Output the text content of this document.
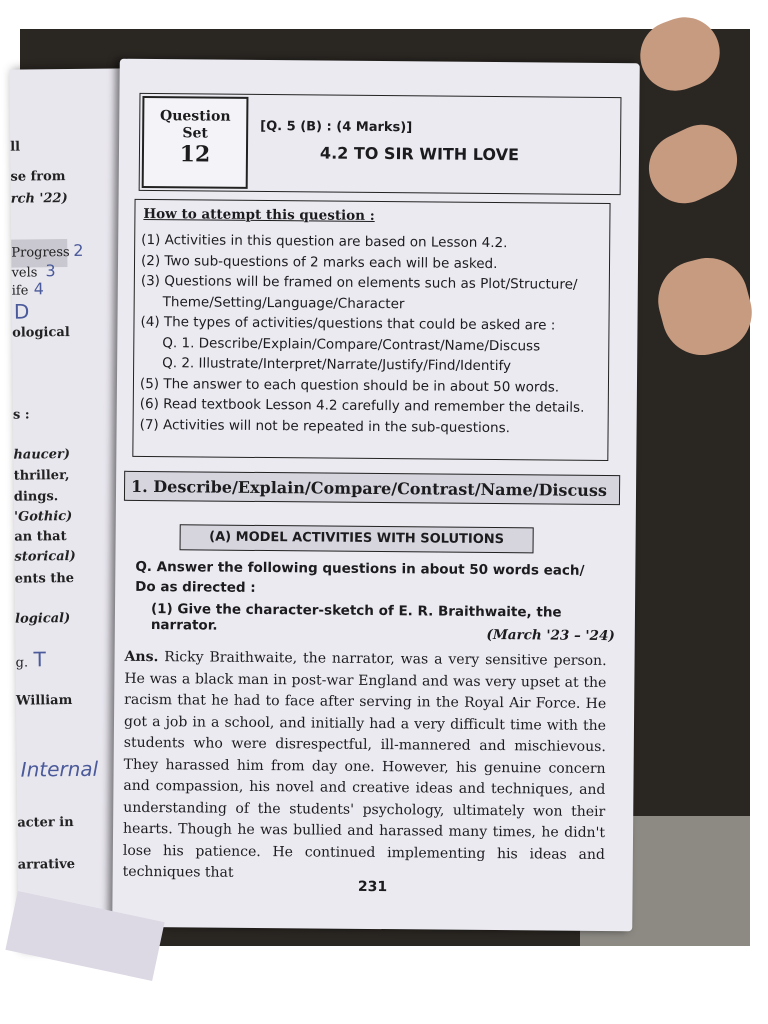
ll
se from
rch '22)
Progress
vels
ife
ological
s :
haucer)
thriller,
dings.
'Gothic)
an that
storical)
ents the
logical)
g.
William
acter in
arrative
2
3
4
D
T
Internal
Question
Set
12
[Q. 5 (B) : (4 Marks)]
4.2 TO SIR WITH LOVE
How to attempt this question :
(1) Activities in this question are based on Lesson 4.2.
(2) Two sub-questions of 2 marks each will be asked.
(3) Questions will be framed on elements such as Plot/Structure/
Theme/Setting/Language/Character
(4) The types of activities/questions that could be asked are :
Q. 1. Describe/Explain/Compare/Contrast/Name/Discuss
Q. 2. Illustrate/Interpret/Narrate/Justify/Find/Identify
(5) The answer to each question should be in about 50 words.
(6) Read textbook Lesson 4.2 carefully and remember the details.
(7) Activities will not be repeated in the sub-questions.
1. Describe/Explain/Compare/Contrast/Name/Discuss
(A) MODEL ACTIVITIES WITH SOLUTIONS
Q. Answer the following questions in about 50 words each/ Do as directed :
(1) Give the character-sketch of E. R. Braithwaite, the narrator.
(March '23 – '24)
Ans. Ricky Braithwaite, the narrator, was a very sensitive person. He was a black man in post-war England and was very upset at the racism that he had to face after serving in the Royal Air Force. He got a job in a school, and initially had a very difficult time with the students who were disrespectful, ill-mannered and mischievous. They harassed him from day one. However, his genuine concern and compassion, his novel and creative ideas and techniques, and understanding of the students' psychology, ultimately won their hearts. Though he was bullied and harassed many times, he didn't lose his patience. He continued implementing his ideas and techniques that
231
